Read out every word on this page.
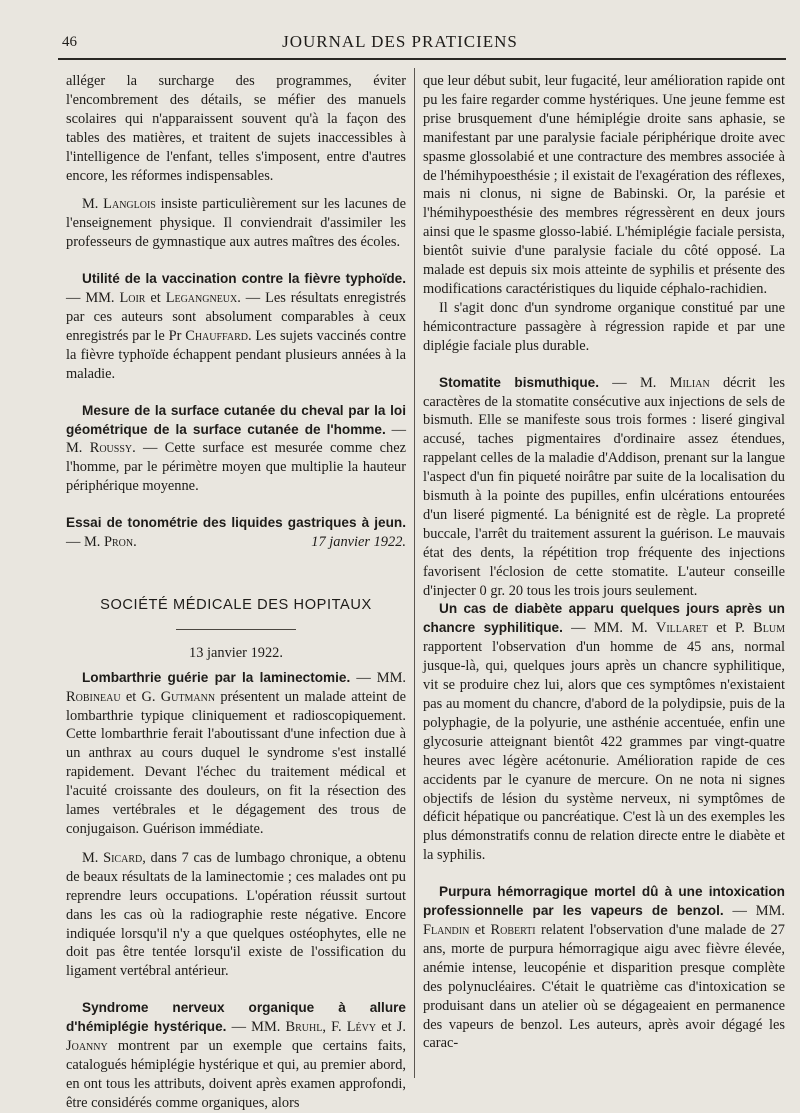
46	JOURNAL DES PRATICIENS

alléger la surcharge des programmes, éviter l'encombrement des détails, se méfier des manuels scolaires qui n'apparaissent souvent qu'à la façon des tables des matières, et traitent de sujets inaccessibles à l'intelligence de l'enfant, telles s'imposent, entre d'autres encore, les réformes indispensables.

M. Langlois insiste particulièrement sur les lacunes de l'enseignement physique. Il conviendrait d'assimiler les professeurs de gymnastique aux autres maîtres des écoles.

Utilité de la vaccination contre la fièvre typhoïde. — MM. Loir et Legangneux. — Les résultats enregistrés par ces auteurs sont absolument comparables à ceux enregistrés par le Pr Chauffard. Les sujets vaccinés contre la fièvre typhoïde échappent pendant plusieurs années à la maladie.

Mesure de la surface cutanée du cheval par la loi géométrique de la surface cutanée de l'homme. — M. Roussy. — Cette surface est mesurée comme chez l'homme, par le périmètre moyen que multiplie la hauteur périphérique moyenne.

Essai de tonométrie des liquides gastriques à jeun. — M. Pron.	17 janvier 1922.

SOCIÉTÉ MÉDICALE DES HOPITAUX
13 janvier 1922.

Lombarthrie guérie par la laminectomie. — MM. Robineau et G. Gutmann présentent un malade atteint de lombarthrie typique cliniquement et radioscopiquement. Cette lombarthrie ferait l'aboutissant d'une infection due à un anthrax au cours duquel le syndrome s'est installé rapidement. Devant l'échec du traitement médical et l'acuité croissante des douleurs, on fit la résection des lames vertébrales et le dégagement des trous de conjugaison. Guérison immédiate.

M. Sicard, dans 7 cas de lumbago chronique, a obtenu de beaux résultats de la laminectomie ; ces malades ont pu reprendre leurs occupations. L'opération réussit surtout dans les cas où la radiographie reste négative. Encore indiquée lorsqu'il n'y a que quelques ostéophytes, elle ne doit pas être tentée lorsqu'il existe de l'ossification du ligament vertébral antérieur.

Syndrome nerveux organique à allure d'hémiplégie hystérique. — MM. Bruhl, F. Lévy et J. Joanny montrent par un exemple que certains faits, catalogués hémiplégie hystérique et qui, au premier abord, en ont tous les attributs, doivent après examen approfondi, être considérés comme organiques, alors

que leur début subit, leur fugacité, leur amélioration rapide ont pu les faire regarder comme hystériques. Une jeune femme est prise brusquement d'une hémiplégie droite sans aphasie, se manifestant par une paralysie faciale périphérique droite avec spasme glossolabié et une contracture des membres associée à de l'hémihypoesthésie ; il existait de l'exagération des réflexes, mais ni clonus, ni signe de Babinski. Or, la parésie et l'hémihypoesthésie des membres régressèrent en deux jours ainsi que le spasme glosso-labié. L'hémiplégie faciale persista, bientôt suivie d'une paralysie faciale du côté opposé. La malade est depuis six mois atteinte de syphilis et présente des modifications caractéristiques du liquide céphalo-rachidien.

Il s'agit donc d'un syndrome organique constitué par une hémicontracture passagère à régression rapide et par une diplégie faciale plus durable.

Stomatite bismuthique. — M. Milian décrit les caractères de la stomatite consécutive aux injections de sels de bismuth. Elle se manifeste sous trois formes : liseré gingival accusé, taches pigmentaires d'ordinaire assez étendues, rappelant celles de la maladie d'Addison, prenant sur la langue l'aspect d'un fin piqueté noirâtre par suite de la localisation du bismuth à la pointe des pupilles, enfin ulcérations entourées d'un liseré pigmenté. La bénignité est de règle. La propreté buccale, l'arrêt du traitement assurent la guérison. Le mauvais état des dents, la répétition trop fréquente des injections favorisent l'éclosion de cette stomatite. L'auteur conseille d'injecter 0 gr. 20 tous les trois jours seulement.

Un cas de diabète apparu quelques jours après un chancre syphilitique. — MM. M. Villaret et P. Blum rapportent l'observation d'un homme de 45 ans, normal jusque-là, qui, quelques jours après un chancre syphilitique, vit se produire chez lui, alors que ces symptômes n'existaient pas au moment du chancre, d'abord de la polydipsie, puis de la polyphagie, de la polyurie, une asthénie accentuée, enfin une glycosurie atteignant bientôt 422 grammes par vingt-quatre heures avec légère acétonurie. Amélioration rapide de ces accidents par le cyanure de mercure. On ne nota ni signes objectifs de lésion du système nerveux, ni symptômes de déficit hépatique ou pancréatique. C'est là un des exemples les plus démonstratifs connu de relation directe entre le diabète et la syphilis.

Purpura hémorragique mortel dû à une intoxication professionnelle par les vapeurs de benzol. — MM. Flandin et Roberti relatent l'observation d'une malade de 27 ans, morte de purpura hémorragique aigu avec fièvre élevée, anémie intense, leucopénie et disparition presque complète des polynucléaires. C'était le quatrième cas d'intoxication se produisant dans un atelier où se dégageaient en permanence des vapeurs de benzol. Les auteurs, après avoir dégagé les carac-
